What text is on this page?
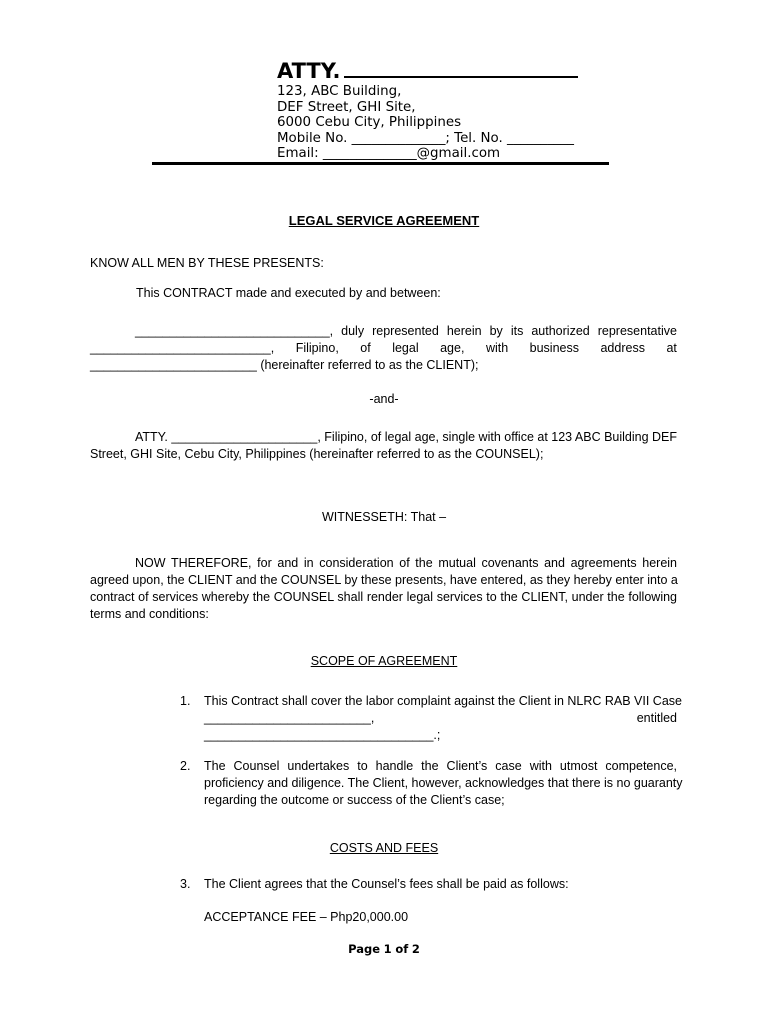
ATTY.
123, ABC Building,
DEF Street, GHI Site,
6000 Cebu City, Philippines
Mobile No. ______________; Tel. No. __________
Email: ______________@gmail.com
LEGAL SERVICE AGREEMENT
KNOW ALL MEN BY THESE PRESENTS:
This CONTRACT made and executed by and between:
____________________________, duly represented herein by its authorized representative
__________________________, Filipino, of legal age, with business address at
________________________ (hereinafter referred to as the CLIENT);
-and-
ATTY. _____________________, Filipino, of legal age, single with office at 123 ABC Building DEF
Street, GHI Site, Cebu City, Philippines (hereinafter referred to as the COUNSEL);
WITNESSETH: That –
NOW THEREFORE, for and in consideration of the mutual covenants and agreements herein
agreed upon, the CLIENT and the COUNSEL by these presents, have entered, as they hereby enter into a
contract of services whereby the COUNSEL shall render legal services to the CLIENT, under the following
terms and conditions:
SCOPE OF AGREEMENT
1. This Contract shall cover the labor complaint against the Client in NLRC RAB VII Case
________________________,	entitled
_________________________________.;
2. The Counsel undertakes to handle the Client’s case with utmost competence,
proficiency and diligence. The Client, however, acknowledges that there is no guaranty
regarding the outcome or success of the Client’s case;
COSTS AND FEES
3. The Client agrees that the Counsel’s fees shall be paid as follows:
ACCEPTANCE FEE – Php20,000.00
Page 1 of 2
